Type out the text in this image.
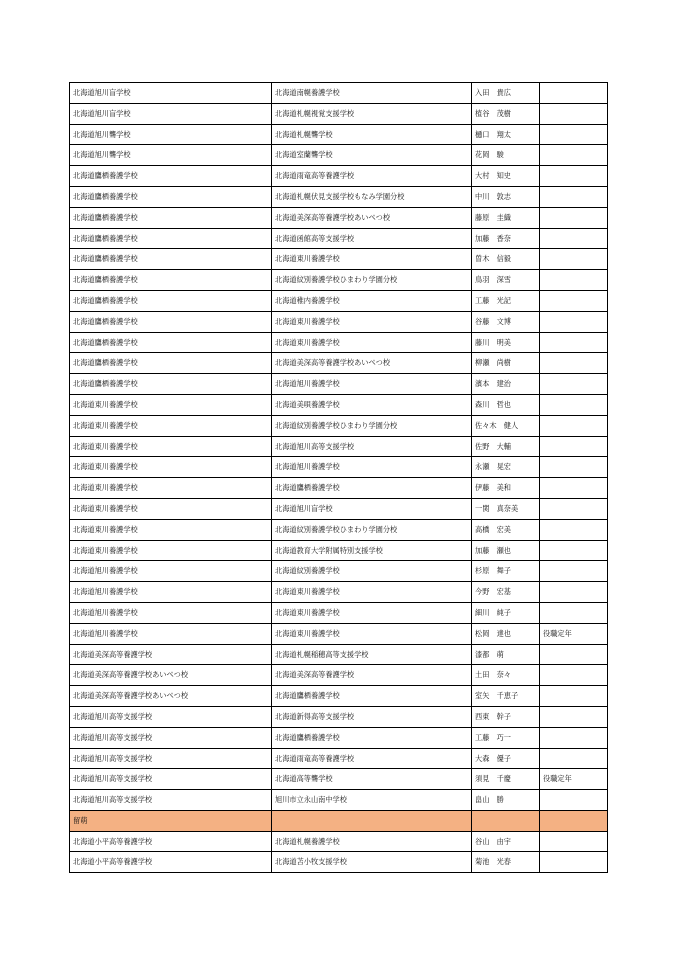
北海道旭川盲学校	北海道南幌養護学校	入田　貴広	
北海道旭川盲学校	北海道札幌視覚支援学校	植谷　茂樹	
北海道旭川聾学校	北海道札幌聾学校	樋口　翔太	
北海道旭川聾学校	北海道室蘭聾学校	花岡　駿	
北海道鷹栖養護学校	北海道雨竜高等養護学校	大村　知史	
北海道鷹栖養護学校	北海道札幌伏見支援学校もなみ学園分校	中川　敦志	
北海道鷹栖養護学校	北海道美深高等養護学校あいべつ校	藤原　圭織	
北海道鷹栖養護学校	北海道函館高等支援学校	加藤　香奈	
北海道鷹栖養護学校	北海道東川養護学校	曽木　信毅	
北海道鷹栖養護学校	北海道紋別養護学校ひまわり学園分校	鳥羽　深雪	
北海道鷹栖養護学校	北海道稚内養護学校	工藤　光記	
北海道鷹栖養護学校	北海道東川養護学校	谷藤　文博	
北海道鷹栖養護学校	北海道東川養護学校	藤川　明美	
北海道鷹栖養護学校	北海道美深高等養護学校あいべつ校	柳瀬　尚樹	
北海道鷹栖養護学校	北海道旭川養護学校	濱本　建治	
北海道東川養護学校	北海道美唄養護学校	森川　哲也	
北海道東川養護学校	北海道紋別養護学校ひまわり学園分校	佐々木　健人	
北海道東川養護学校	北海道旭川高等支援学校	佐野　大輔	
北海道東川養護学校	北海道旭川養護学校	永瀬　晃宏	
北海道東川養護学校	北海道鷹栖養護学校	伊藤　美和	
北海道東川養護学校	北海道旭川盲学校	一関　真奈美	
北海道東川養護学校	北海道紋別養護学校ひまわり学園分校	高橋　宏美	
北海道東川養護学校	北海道教育大学附属特別支援学校	加藤　瀬也	
北海道旭川養護学校	北海道紋別養護学校	杉原　舞子	
北海道旭川養護学校	北海道東川養護学校	今野　宏基	
北海道旭川養護学校	北海道東川養護学校	細川　純子	
北海道旭川養護学校	北海道東川養護学校	松岡　達也	役職定年
北海道美深高等養護学校	北海道札幌稲穂高等支援学校	漆都　萌	
北海道美深高等養護学校あいべつ校	北海道美深高等養護学校	土田　奈々	
北海道美深高等養護学校あいべつ校	北海道鷹栖養護学校	室矢　千恵子	
北海道旭川高等支援学校	北海道新得高等支援学校	西東　幹子	
北海道旭川高等支援学校	北海道鷹栖養護学校	工藤　巧一	
北海道旭川高等支援学校	北海道雨竜高等養護学校	大森　優子	
北海道旭川高等支援学校	北海道高等聾学校	須見　千慶	役職定年
北海道旭川高等支援学校	旭川市立永山南中学校	畠山　勝	
留萌			
北海道小平高等養護学校	北海道札幌養護学校	谷山　由宇	
北海道小平高等養護学校	北海道苫小牧支援学校	菊池　光春	
